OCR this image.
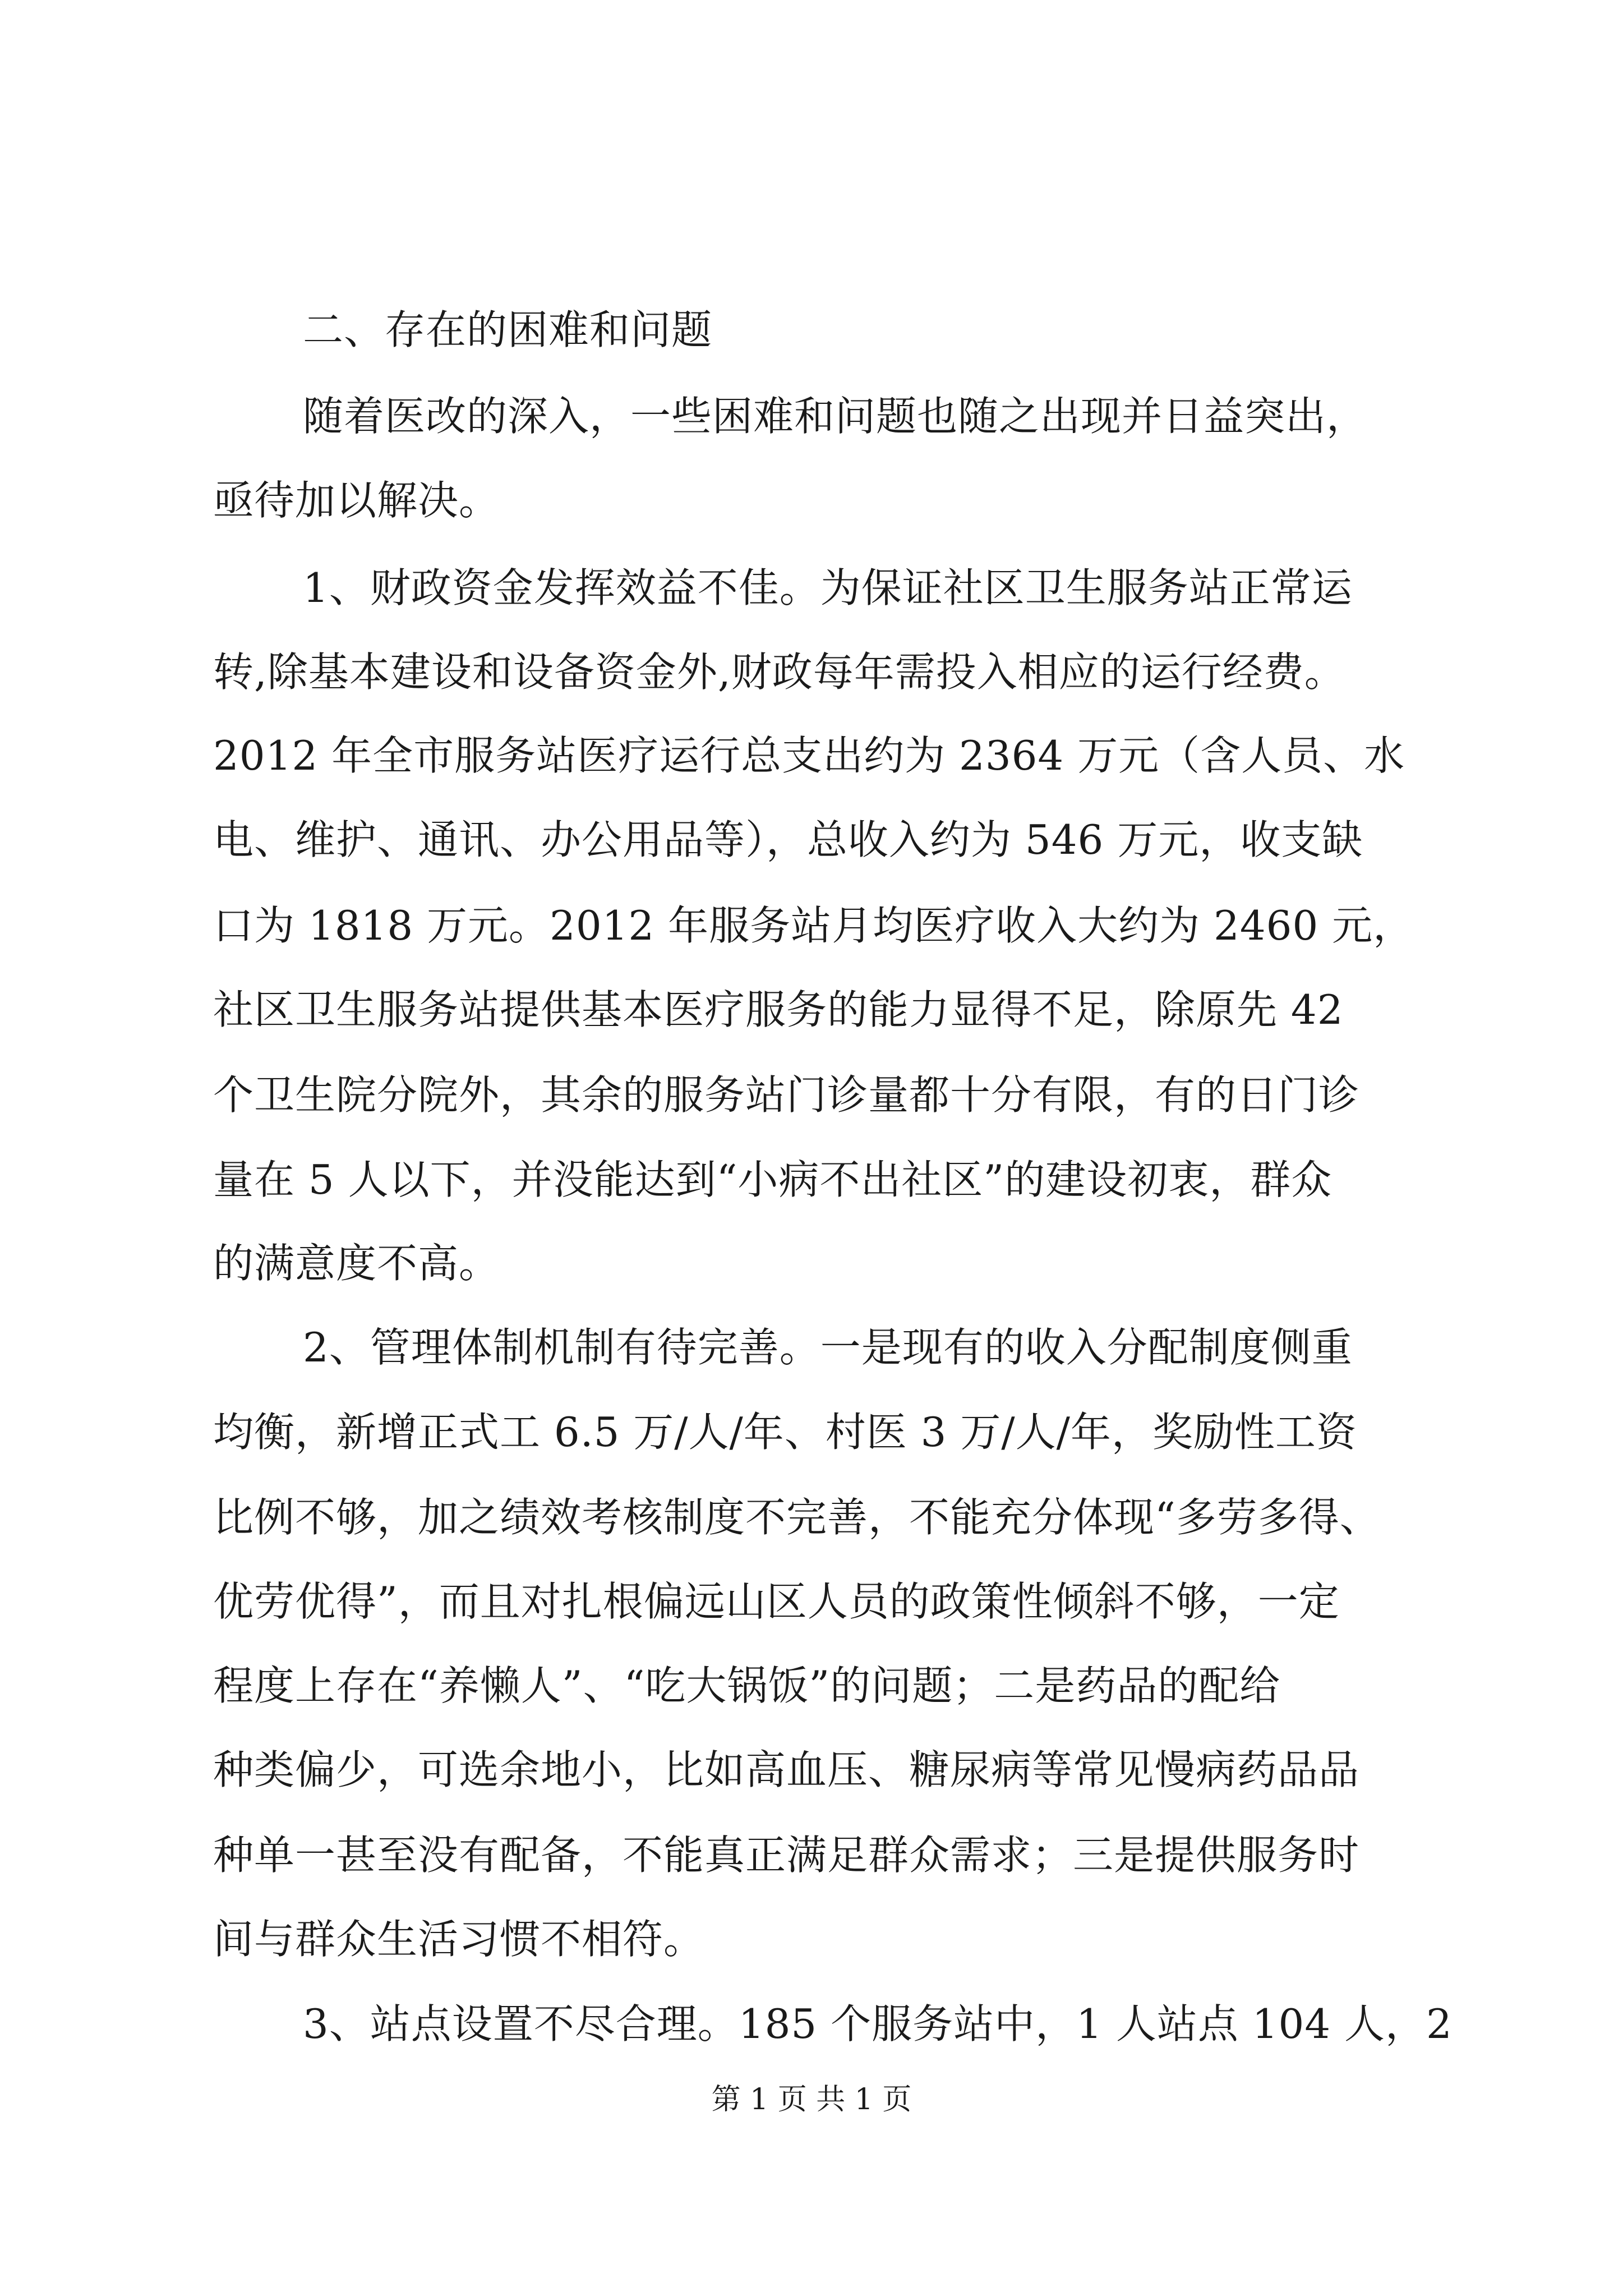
二、存在的困难和问题
随着医改的深入，一些困难和问题也随之出现并日益突出，
亟待加以解决。
1、财政资金发挥效益不佳。为保证社区卫生服务站正常运
转,除基本建设和设备资金外,财政每年需投入相应的运行经费。
2012 年全市服务站医疗运行总支出约为 2364 万元（含人员、水
电、维护、通讯、办公用品等），总收入约为 546 万元，收支缺
口为 1818 万元。2012 年服务站月均医疗收入大约为 2460 元，
社区卫生服务站提供基本医疗服务的能力显得不足，除原先 42
个卫生院分院外，其余的服务站门诊量都十分有限，有的日门诊
量在 5 人以下，并没能达到“小病不出社区”的建设初衷，群众
的满意度不高。
2、管理体制机制有待完善。一是现有的收入分配制度侧重
均衡，新增正式工 6.5 万/人/年、村医 3 万/人/年，奖励性工资
比例不够，加之绩效考核制度不完善，不能充分体现“多劳多得、
优劳优得”，而且对扎根偏远山区人员的政策性倾斜不够，一定
程度上存在“养懒人”、“吃大锅饭”的问题；二是药品的配给
种类偏少，可选余地小，比如高血压、糖尿病等常见慢病药品品
种单一甚至没有配备，不能真正满足群众需求；三是提供服务时
间与群众生活习惯不相符。
3、站点设置不尽合理。185 个服务站中，1 人站点 104 人，2
第 1 页 共 1 页
